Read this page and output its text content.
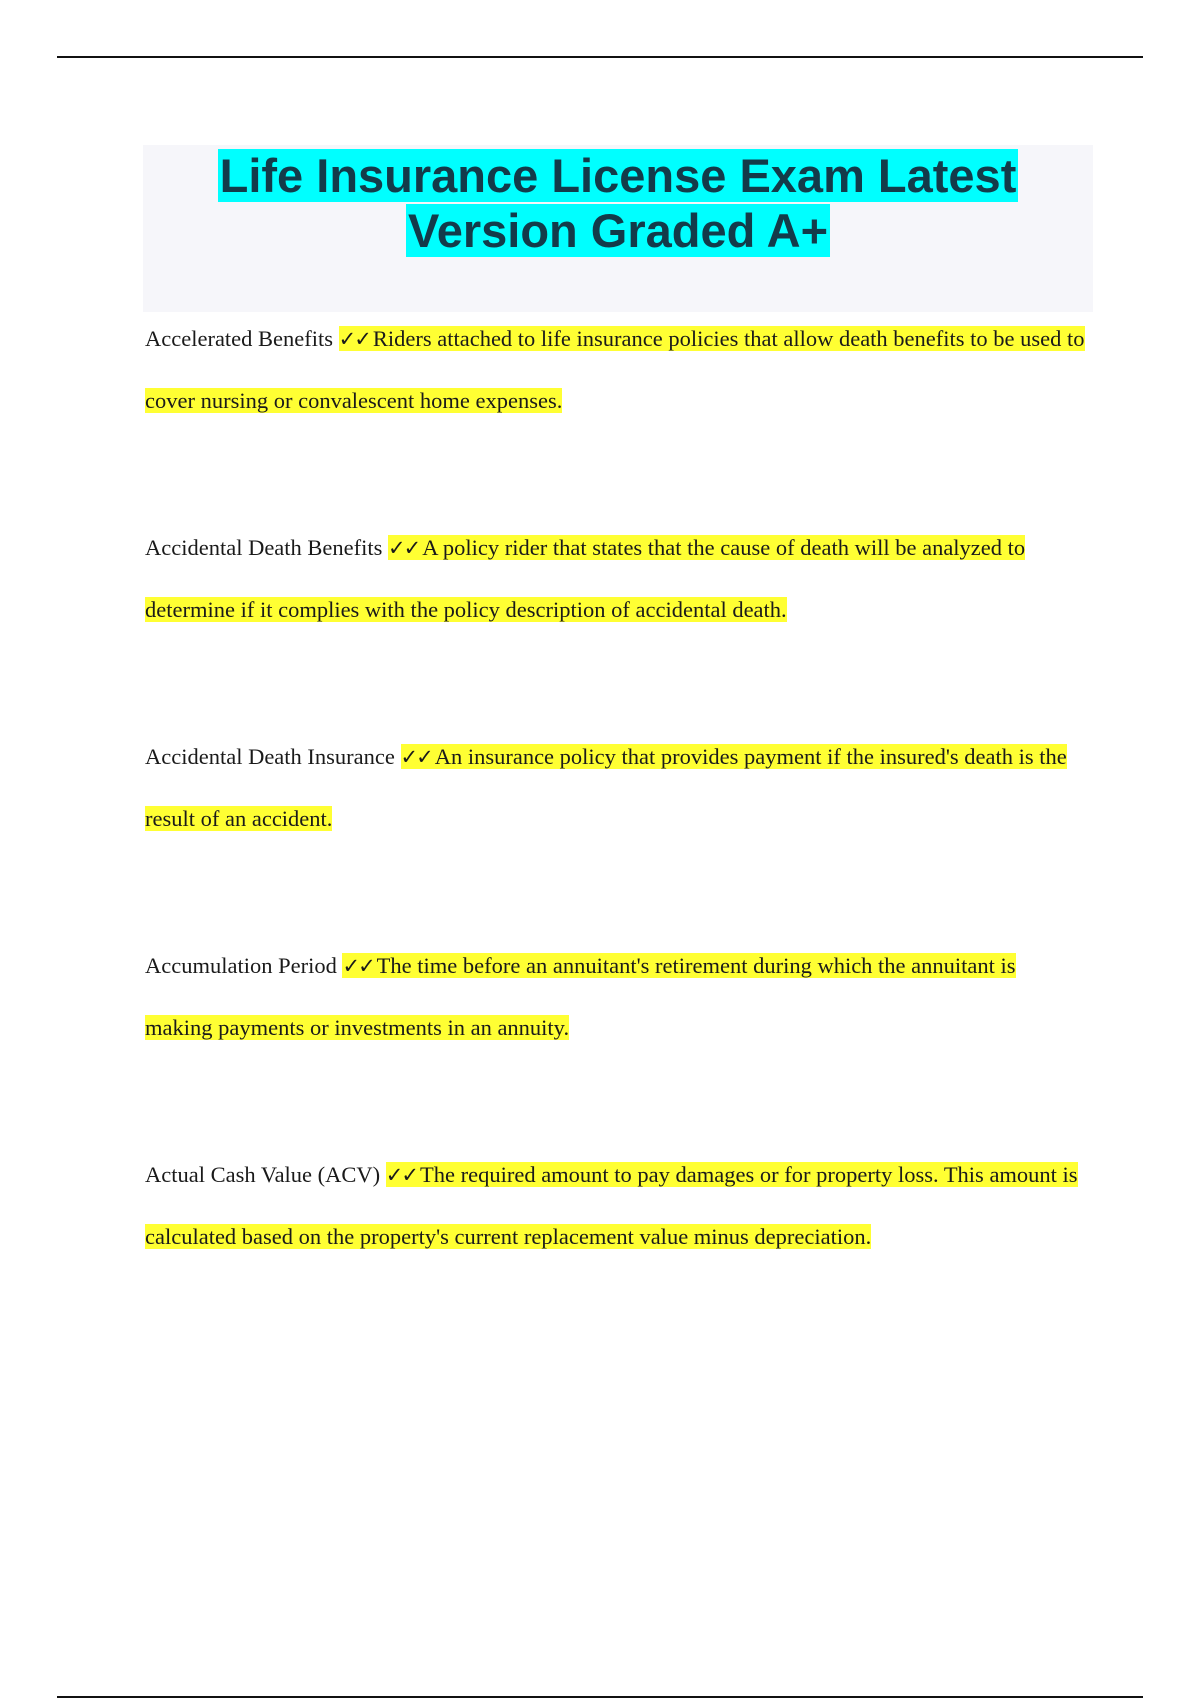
Life Insurance License Exam Latest
Version Graded A+

Accelerated Benefits ✓✓ Riders attached to life insurance policies that allow death benefits to be used to cover nursing or convalescent home expenses.

Accidental Death Benefits ✓✓ A policy rider that states that the cause of death will be analyzed to determine if it complies with the policy description of accidental death.

Accidental Death Insurance ✓✓ An insurance policy that provides payment if the insured's death is the result of an accident.

Accumulation Period ✓✓ The time before an annuitant's retirement during which the annuitant is making payments or investments in an annuity.

Actual Cash Value (ACV) ✓✓ The required amount to pay damages or for property loss. This amount is calculated based on the property's current replacement value minus depreciation.
